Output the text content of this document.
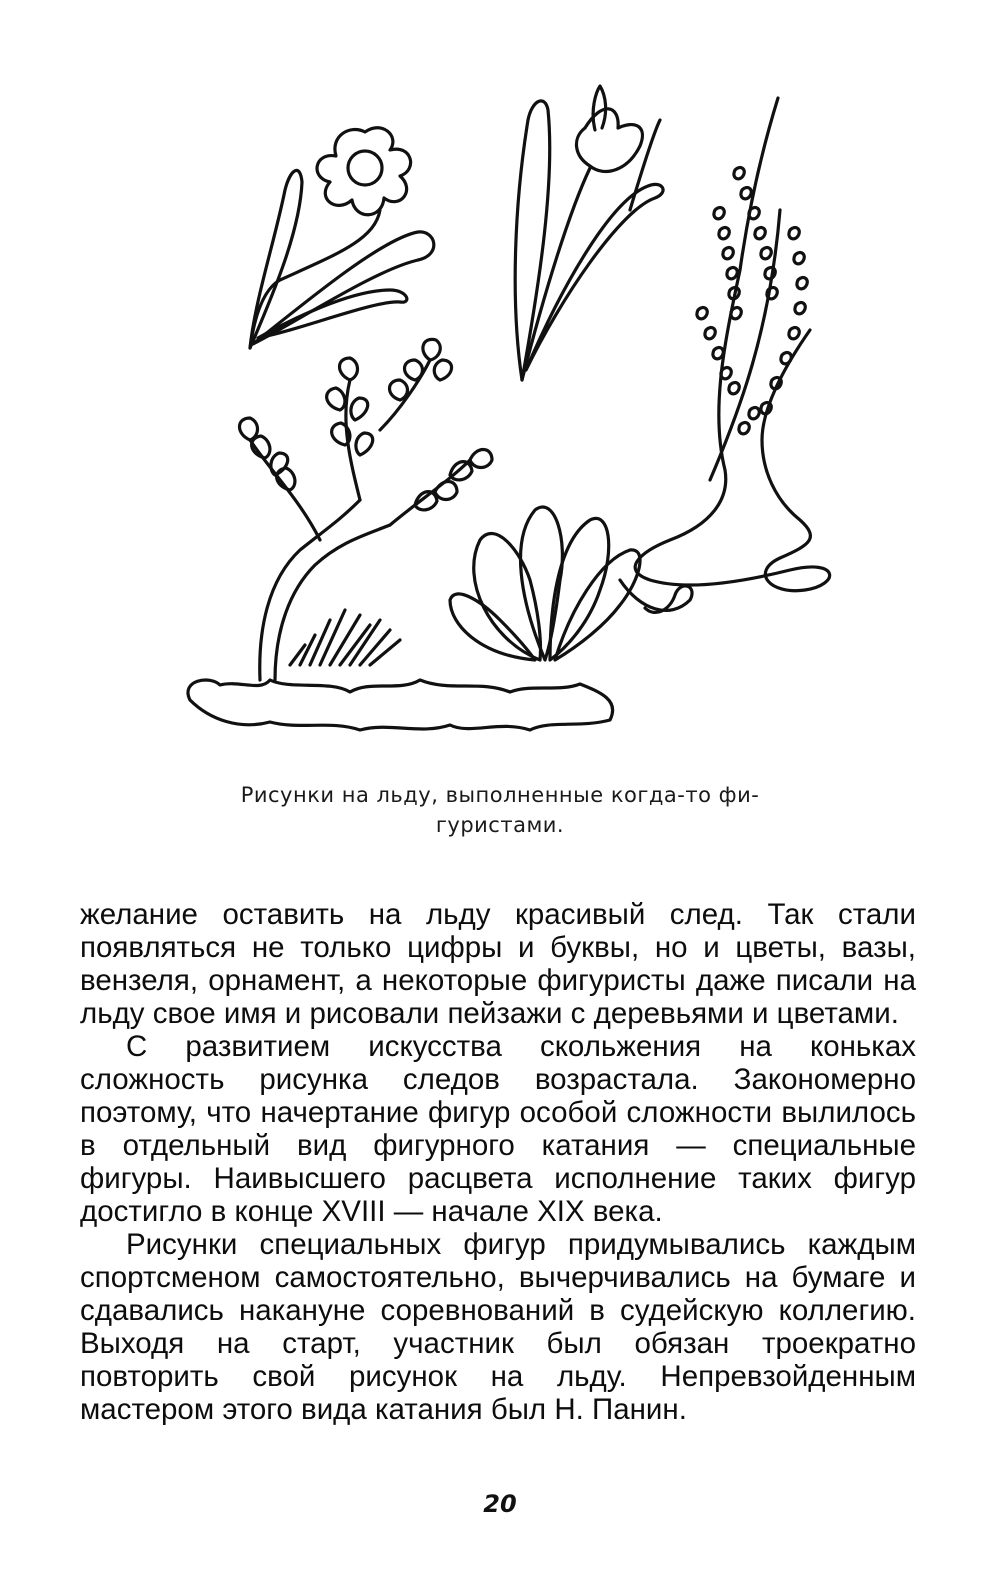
Рисунки на льду, выполненные когда-то фи-
гуристами.

желание оставить на льду красивый след. Так стали появляться не только цифры и буквы, но и цветы, вазы, вензеля, орнамент, а некоторые фигуристы даже писали на льду свое имя и рисовали пейзажи с деревьями и цветами.

С развитием искусства скольжения на коньках сложность рисунка следов возрастала. Закономерно поэтому, что начертание фигур особой сложности вылилось в отдельный вид фигурного катания — специальные фигуры. Наивысшего расцвета исполнение таких фигур достигло в конце XVIII — начале XIX века.

Рисунки специальных фигур придумывались каждым спортсменом самостоятельно, вычерчивались на бумаге и сдавались накануне соревнований в судейскую коллегию. Выходя на старт, участник был обязан троекратно повторить свой рисунок на льду. Непревзойденным мастером этого вида катания был Н. Панин.

20
